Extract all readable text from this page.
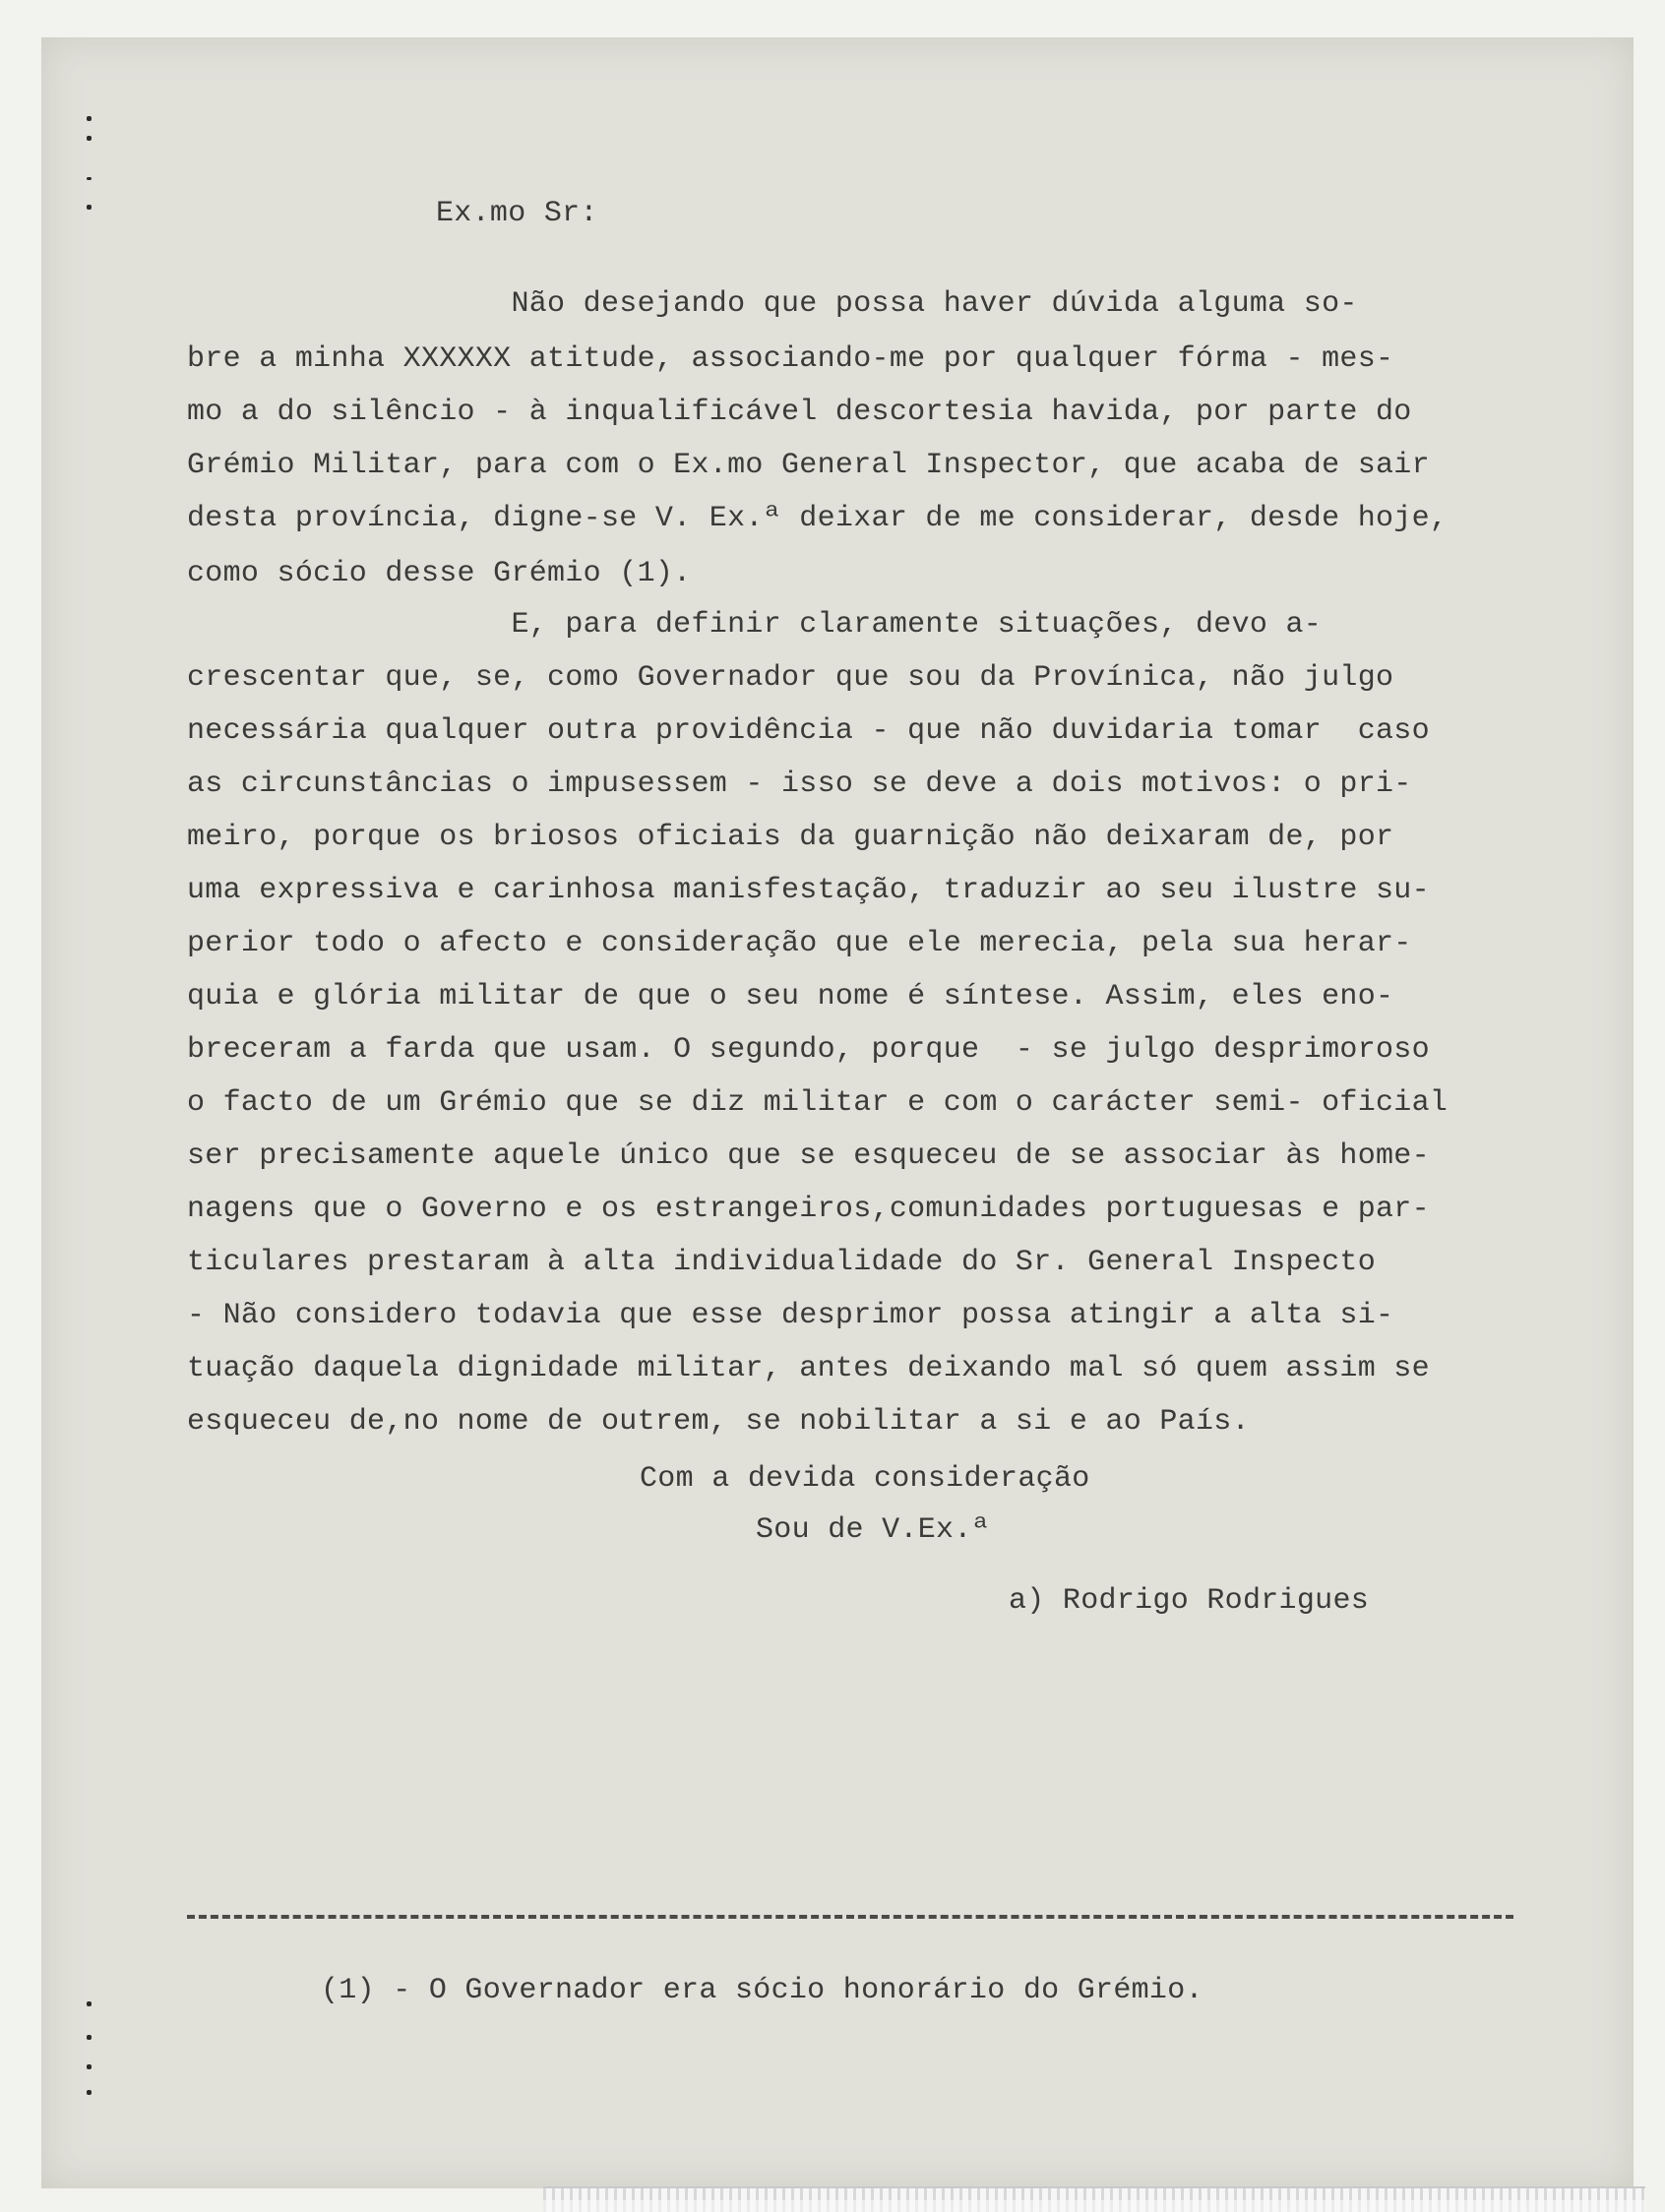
Ex.mo Sr:

Não desejando que possa haver dúvida alguma so-

bre a minha XXXXXX atitude, associando-me por qualquer fórma - mes-

mo a do silêncio - à inqualificável descortesia havida, por parte do

Grémio Militar, para com o Ex.mo General Inspector, que acaba de sair

desta província, digne-se V. Ex.ª deixar de me considerar, desde hoje,

como sócio desse Grémio (1).

E, para definir claramente situações, devo a-

crescentar que, se, como Governador que sou da Provínica, não julgo

necessária qualquer outra providência - que não duvidaria tomar  caso

as circunstâncias o impusessem - isso se deve a dois motivos: o pri-

meiro, porque os briosos oficiais da guarnição não deixaram de, por

uma expressiva e carinhosa manisfestação, traduzir ao seu ilustre su-

perior todo o afecto e consideração que ele merecia, pela sua herar-

quia e glória militar de que o seu nome é síntese. Assim, eles eno-

breceram a farda que usam. O segundo, porque  - se julgo desprimoroso

o facto de um Grémio que se diz militar e com o carácter semi- oficial

ser precisamente aquele único que se esqueceu de se associar às home-

nagens que o Governo e os estrangeiros,comunidades portuguesas e par-

ticulares prestaram à alta individualidade do Sr. General Inspecto

- Não considero todavia que esse desprimor possa atingir a alta si-

tuação daquela dignidade militar, antes deixando mal só quem assim se

esqueceu de,no nome de outrem, se nobilitar a si e ao País.

Com a devida consideração

Sou de V.Ex.ª

a) Rodrigo Rodrigues

(1) - O Governador era sócio honorário do Grémio.
